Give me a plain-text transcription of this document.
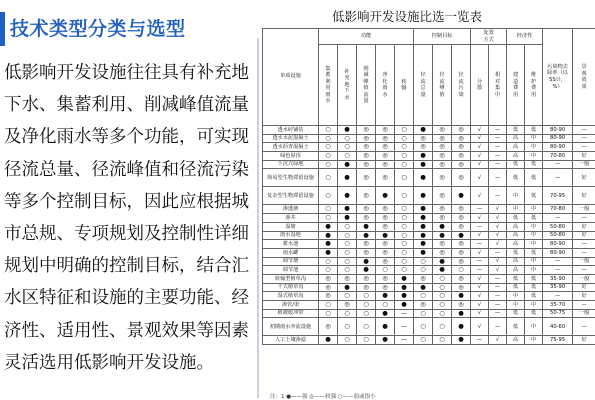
技术类型分类与选型
低影响开发设施往往具有补充地
下水、集蓄利用、削减峰值流量
及净化雨水等多个功能，可实现
径流总量、径流峰值和径流污染
等多个控制目标，因此应根据城
市总规、专项规划及控制性详细
规划中明确的控制目标，结合汇
水区特征和设施的主要功能、经
济性、适用性、景观效果等因素
灵活选用低影响开发设施。
低影响开发设施比选一览表
单项设施	功能					控制目标			处置方式		经济性		污染物去除率（以SS计，%）	景观效果

	集蓄利用雨水	补充地下水	削减峰值流量	净化雨水	转输	径流总量	径流峰值	径流污染	分散	相对集中	建造费用	维护费用		

透水砖铺装	○	●	◎	◎	○	●	◎	◎	√	—	低	低	80-90	—
透水水泥混凝土	○	○	◎	◎	○	◎	◎	◎	√	—	高	中	80-90	—
透水沥青混凝土	○	○	◎	◎	○	◎	◎	◎	√	—	高	中	80-90	—
绿色屋顶	○	○	◎	◎	○	●	◎	◎	√	—	高	中	70-80	好
下沉式绿地	○	●	◎	◎	○	●	◎	◎	√	—	低	低	—	一般
简易型生物滞留设施	○	●	◎	◎	○	●	◎	◎	√	—	低	低	—	好
复杂型生物滞留设施	○	●	◎	●	○	●	◎	●	√	—	中	低	70-95	好
渗透塘	○	●	◎	◎	○	●	◎	◎	—	√	中	中	70-80	一般
渗井	○	●	◎	◎	○	●	◎	◎	√	√	低	低	—	—
湿塘	●	○	●	◎	○	●	●	◎	—	√	高	中	50-80	好
雨水湿地	●	○	●	●	○	●	●	●	√	√	高	中	50-80	好
蓄水池	●	○	◎	◎	○	●	◎	◎	—	√	高	中	80-90	—
雨水罐	●	○	◎	◎	○	●	◎	◎	√	—	低	低	80-90	—
调节塘	○	○	●	◎	○	○	●	◎	—	√	高	中	—	一般
调节池	○	○	●	○	○	○	●	○	—	√	高	中	—	—
转输型植草沟	◎	◎	◎	◎	●	◎	○	◎	√	—	低	低	35-90	一般
干式植草沟	◎	●	◎	◎	●	●	○	◎	√	—	低	低	35-90	好
湿式植草沟	◎	○	○	●	●	○	○	●	√	—	中	低	—	好
渗管/渠	○	◎	○	○	●	◎	○	◎	√	—	中	中	35-70	—
植被缓冲带	○	○	○	●	—	○	○	●	√	—	低	低	50-75	一般
初期雨水弃流设施	◎	○	○	●	—	○	○	●	√	—	低	中	40-60	—
人工土壤渗滤	●	○	○	●	—	○	○	●	—	√	高	中	75-95	好
注：1 ●——强 ◎——较强 ○——弱或很小
